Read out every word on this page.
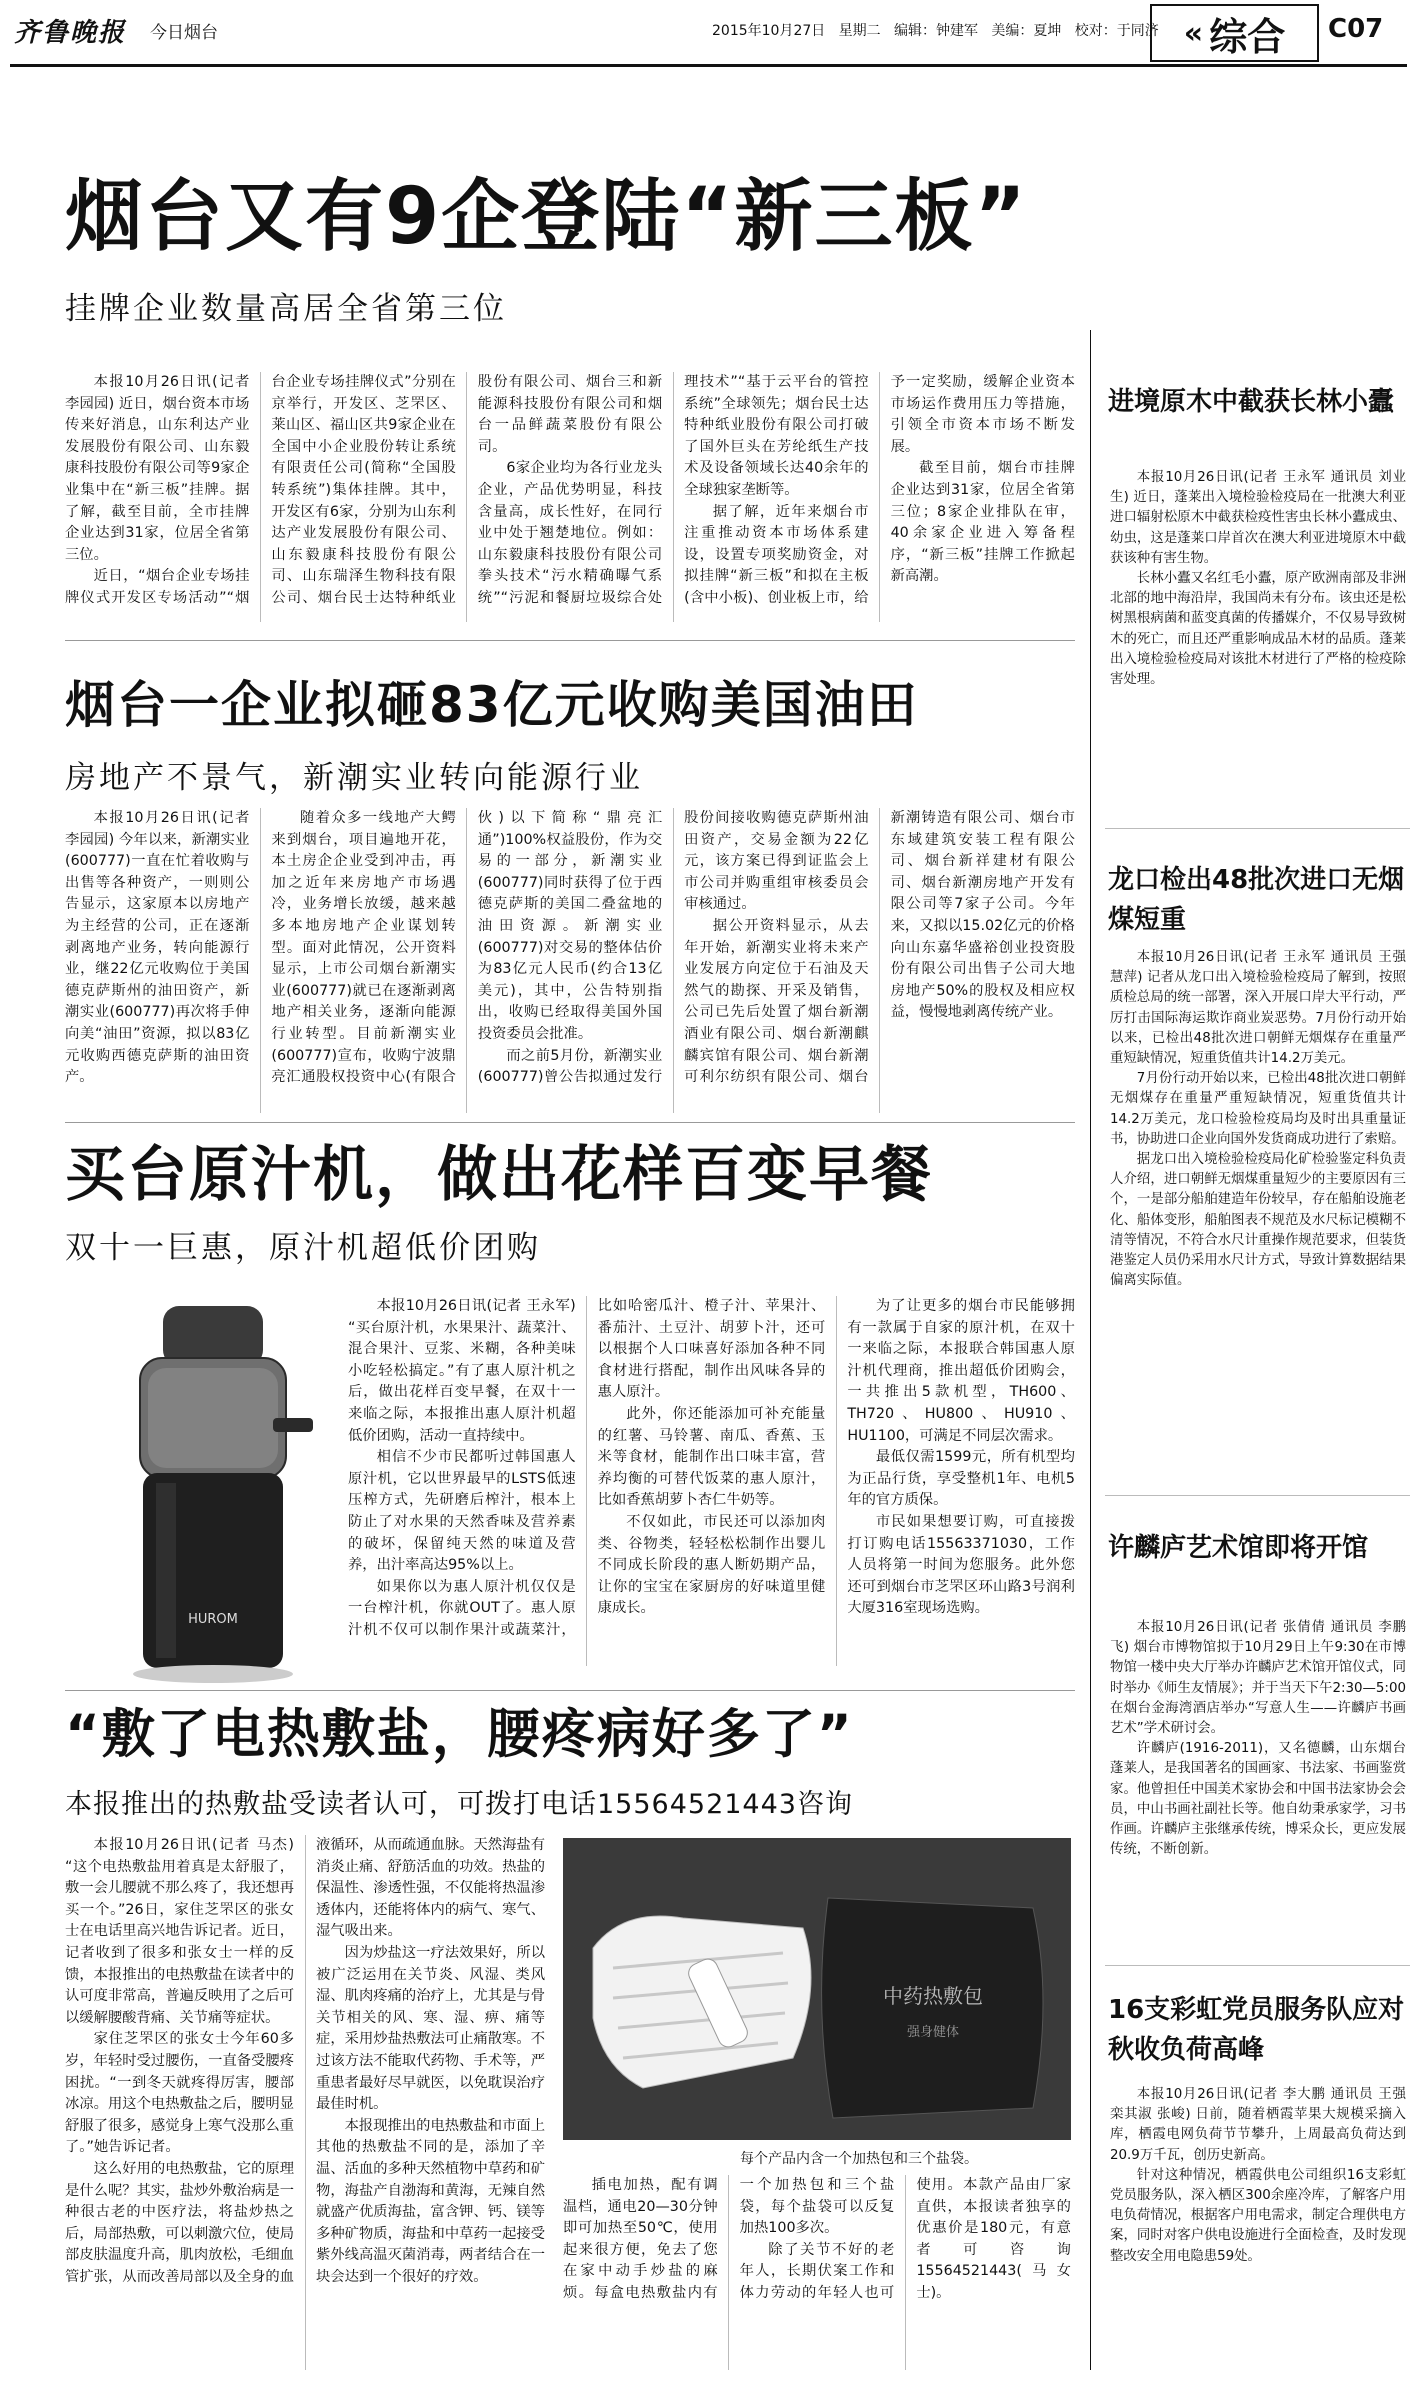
齐鲁晚报 今日烟台	2015年10月27日 星期二 编辑：钟建军 美编：夏坤 校对：于同济 « 综合 C07
烟台又有9企登陆“新三板”
挂牌企业数量高居全省第三位

本报10月26日讯(记者 李园园) 近日，烟台资本市场传来好消息，山东利达产业发展股份有限公司、山东毅康科技股份有限公司等9家企业集中在“新三板”挂牌。据了解，截至目前，全市挂牌企业达到31家，位居全省第三位。

近日，“烟台企业专场挂牌仪式开发区专场活动”“烟台企业专场挂牌仪式”分别在京举行，开发区、芝罘区、莱山区、福山区共9家企业在全国中小企业股份转让系统有限责任公司(简称“全国股转系统”)集体挂牌。其中，开发区有6家，分别为山东利达产业发展股份有限公司、山东毅康科技股份有限公司、山东瑞泽生物科技有限公司、烟台民士达特种纸业股份有限公司、烟台三和新能源科技股份有限公司和烟台一品鲜蔬菜股份有限公司。

6家企业均为各行业龙头企业，产品优势明显，科技含量高，成长性好，在同行业中处于翘楚地位。例如：山东毅康科技股份有限公司拳头技术“污水精确曝气系统”“污泥和餐厨垃圾综合处理技术”“基于云平台的管控系统”全球领先；烟台民士达特种纸业股份有限公司打破了国外巨头在芳纶纸生产技术及设备领域长达40余年的全球独家垄断等。

据了解，近年来烟台市注重推动资本市场体系建设，设置专项奖励资金，对拟挂牌“新三板”和拟在主板(含中小板)、创业板上市，给予一定奖励，缓解企业资本市场运作费用压力等措施，引领全市资本市场不断发展。

截至目前，烟台市挂牌企业达到31家，位居全省第三位；8家企业排队在审，40余家企业进入筹备程序，“新三板”挂牌工作掀起新高潮。

烟台一企业拟砸83亿元收购美国油田
房地产不景气，新潮实业转向能源行业

本报10月26日讯(记者 李园园) 今年以来，新潮实业(600777)一直在忙着收购与出售等各种资产，一则则公告显示，这家原本以房地产为主经营的公司，正在逐渐剥离地产业务，转向能源行业，继22亿元收购位于美国德克萨斯州的油田资产，新潮实业(600777)再次将手伸向美“油田”资源，拟以83亿元收购西德克萨斯的油田资产。

随着众多一线地产大鳄来到烟台，项目遍地开花，本土房企企业受到冲击，再加之近年来房地产市场遇冷，业务增长放缓，越来越多本地房地产企业谋划转型。面对此情况，公开资料显示，上市公司烟台新潮实业(600777)就已在逐渐剥离地产相关业务，逐渐向能源行业转型。目前新潮实业(600777)宣布，收购宁波鼎亮汇通股权投资中心(有限合伙)以下简称“鼎亮汇通”)100%权益股份，作为交易的一部分，新潮实业(600777)同时获得了位于西德克萨斯的美国二叠盆地的油田资源。新潮实业(600777)对交易的整体估价为83亿元人民币(约合13亿美元)，其中，公告特别指出，收购已经取得美国外国投资委员会批准。

而之前5月份，新潮实业(600777)曾公告拟通过发行股份间接收购德克萨斯州油田资产，交易金额为22亿元，该方案已得到证监会上市公司并购重组审核委员会审核通过。

据公开资料显示，从去年开始，新潮实业将未来产业发展方向定位于石油及天然气的勘探、开采及销售，公司已先后处置了烟台新潮酒业有限公司、烟台新潮麒麟宾馆有限公司、烟台新潮可利尔纺织有限公司、烟台新潮铸造有限公司、烟台市东域建筑安装工程有限公司、烟台新祥建材有限公司、烟台新潮房地产开发有限公司等7家子公司。今年来，又拟以15.02亿元的价格向山东嘉华盛裕创业投资股份有限公司出售子公司大地房地产50%的股权及相应权益，慢慢地剥离传统产业。

买台原汁机，做出花样百变早餐
双十一巨惠，原汁机超低价团购
HUROM

本报10月26日讯(记者 王永军) “买台原汁机，水果果汁、蔬菜汁、混合果汁、豆浆、米糊，各种美味小吃轻松搞定。”有了惠人原汁机之后，做出花样百变早餐，在双十一来临之际，本报推出惠人原汁机超低价团购，活动一直持续中。

相信不少市民都听过韩国惠人原汁机，它以世界最早的LSTS低速压榨方式，先研磨后榨汁，根本上防止了对水果的天然香味及营养素的破坏，保留纯天然的味道及营养，出汁率高达95%以上。

如果你以为惠人原汁机仅仅是一台榨汁机，你就OUT了。惠人原汁机不仅可以制作果汁或蔬菜汁，比如哈密瓜汁、橙子汁、苹果汁、番茄汁、土豆汁、胡萝卜汁，还可以根据个人口味喜好添加各种不同食材进行搭配，制作出风味各异的惠人原汁。

此外，你还能添加可补充能量的红薯、马铃薯、南瓜、香蕉、玉米等食材，能制作出口味丰富，营养均衡的可替代饭菜的惠人原汁，比如香蕉胡萝卜杏仁牛奶等。

不仅如此，市民还可以添加肉类、谷物类，轻轻松松制作出婴儿不同成长阶段的惠人断奶期产品，让你的宝宝在家厨房的好味道里健康成长。

为了让更多的烟台市民能够拥有一款属于自家的原汁机，在双十一来临之际，本报联合韩国惠人原汁机代理商，推出超低价团购会，一共推出5款机型，TH600、TH720、HU800、HU910、HU1100，可满足不同层次需求。

最低仅需1599元，所有机型均为正品行货，享受整机1年、电机5年的官方质保。

市民如果想要订购，可直接拨打订购电话15563371030，工作人员将第一时间为您服务。此外您还可到烟台市芝罘区环山路3号润利大厦316室现场选购。

“敷了电热敷盐，腰疼病好多了”
本报推出的热敷盐受读者认可，可拨打电话15564521443咨询

本报10月26日讯(记者 马杰) “这个电热敷盐用着真是太舒服了，敷一会儿腰就不那么疼了，我还想再买一个。”26日，家住芝罘区的张女士在电话里高兴地告诉记者。近日，记者收到了很多和张女士一样的反馈，本报推出的电热敷盐在读者中的认可度非常高，普遍反映用了之后可以缓解腰酸背痛、关节痛等症状。

家住芝罘区的张女士今年60多岁，年轻时受过腰伤，一直备受腰疼困扰。“一到冬天就疼得厉害，腰部冰凉。用这个电热敷盐之后，腰明显舒服了很多，感觉身上寒气没那么重了。”她告诉记者。

这么好用的电热敷盐，它的原理是什么呢？其实，盐炒外敷治病是一种很古老的中医疗法，将盐炒热之后，局部热敷，可以刺激穴位，使局部皮肤温度升高，肌肉放松，毛细血管扩张，从而改善局部以及全身的血液循环，从而疏通血脉。天然海盐有消炎止痛、舒筋活血的功效。热盐的保温性、渗透性强，不仅能将热温渗透体内，还能将体内的病气、寒气、湿气吸出来。

因为炒盐这一疗法效果好，所以被广泛运用在关节炎、风湿、类风湿、肌肉疼痛的治疗上，尤其是与骨关节相关的风、寒、湿、痹、痛等症，采用炒盐热敷法可止痛散寒。不过该方法不能取代药物、手术等，严重患者最好尽早就医，以免耽误治疗最佳时机。

本报现推出的电热敷盐和市面上其他的热敷盐不同的是，添加了辛温、活血的多种天然植物中草药和矿物，海盐产自渤海和黄海，无辣自然就盛产优质海盐，富含钾、钙、镁等多种矿物质，海盐和中草药一起接受紫外线高温灭菌消毒，两者结合在一块会达到一个很好的疗效。

中药热敷包
强身健体
每个产品内含一个加热包和三个盐袋。

插电加热，配有调温档，通电20—30分钟即可加热至50℃，使用起来很方便，免去了您在家中动手炒盐的麻烦。每盒电热敷盐内有一个加热包和三个盐袋，每个盐袋可以反复加热100多次。

除了关节不好的老年人，长期伏案工作和体力劳动的年轻人也可使用。本款产品由厂家直供，本报读者独享的优惠价是180元，有意者可咨询15564521443(马女士)。

进境原木中截获长林小蠹

本报10月26日讯(记者 王永军 通讯员 刘业生) 近日，蓬莱出入境检验检疫局在一批澳大利亚进口辐射松原木中截获检疫性害虫长林小蠹成虫、幼虫，这是蓬莱口岸首次在澳大利亚进境原木中截获该种有害生物。

长林小蠹又名红毛小蠹，原产欧洲南部及非洲北部的地中海沿岸，我国尚未有分布。该虫还是松树黑根病菌和蓝变真菌的传播媒介，不仅易导致树木的死亡，而且还严重影响成品木材的品质。蓬莱出入境检验检疫局对该批木材进行了严格的检疫除害处理。

龙口检出48批次进口无烟煤短重

本报10月26日讯(记者 王永军 通讯员 王强 慧萍) 记者从龙口出入境检验检疫局了解到，按照质检总局的统一部署，深入开展口岸大平行动，严厉打击国际海运欺诈商业炭恶势。7月份行动开始以来，已检出48批次进口朝鲜无烟煤存在重量严重短缺情况，短重货值共计14.2万美元。

7月份行动开始以来，已检出48批次进口朝鲜无烟煤存在重量严重短缺情况，短重货值共计14.2万美元，龙口检验检疫局均及时出具重量证书，协助进口企业向国外发货商成功进行了索赔。

据龙口出入境检验检疫局化矿检验鉴定科负责人介绍，进口朝鲜无烟煤重量短少的主要原因有三个，一是部分船舶建造年份较早，存在船舶设施老化、船体变形，船舶图表不规范及水尺标记模糊不清等情况，不符合水尺计重操作规范要求，但装货港鉴定人员仍采用水尺计方式，导致计算数据结果偏离实际值。

许麟庐艺术馆即将开馆

本报10月26日讯(记者 张倩倩 通讯员 李鹏飞) 烟台市博物馆拟于10月29日上午9:30在市博物馆一楼中央大厅举办许麟庐艺术馆开馆仪式，同时举办《师生友情展》；并于当天下午2:30—5:00在烟台金海湾酒店举办“写意人生——许麟庐书画艺术”学术研讨会。

许麟庐(1916-2011)，又名德麟，山东烟台蓬莱人，是我国著名的国画家、书法家、书画鉴赏家。他曾担任中国美术家协会和中国书法家协会会员，中山书画社副社长等。他自幼秉承家学，习书作画。许麟庐主张继承传统，博采众长，更应发展传统，不断创新。

16支彩虹党员服务队应对秋收负荷高峰

本报10月26日讯(记者 李大鹏 通讯员 王强 栾其淑 张峻) 日前，随着栖霞苹果大规模采摘入库，栖霞电网负荷节节攀升，上周最高负荷达到20.9万千瓦，创历史新高。

针对这种情况，栖霞供电公司组织16支彩虹党员服务队，深入栖区300余座冷库，了解客户用电负荷情况，根据客户用电需求，制定合理供电方案，同时对客户供电设施进行全面检查，及时发现整改安全用电隐患59处。
